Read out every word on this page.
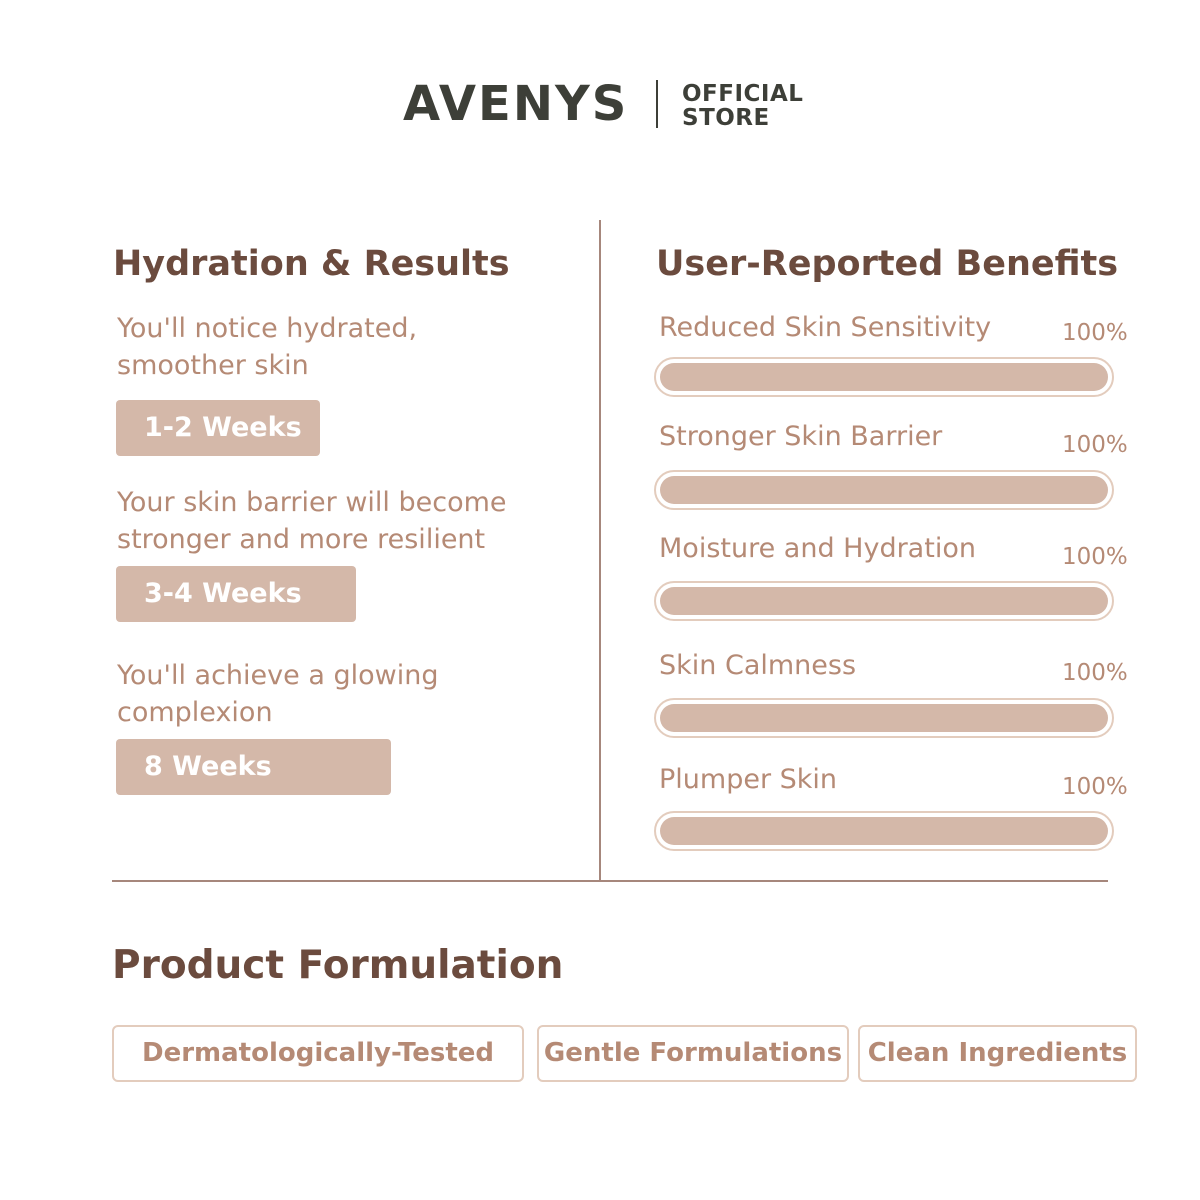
AVENYS OFFICIAL
STORE
Hydration & Results
You'll notice hydrated,
smoother skin
1-2 Weeks
Your skin barrier will become
stronger and more resilient
3-4 Weeks
You'll achieve a glowing
complexion
8 Weeks
User-Reported Benefits
Reduced Skin Sensitivity	100%
Stronger Skin Barrier	100%
Moisture and Hydration	100%
Skin Calmness	100%
Plumper Skin	100%
Product Formulation
Dermatologically-Tested	Gentle Formulations Clean Ingredients
